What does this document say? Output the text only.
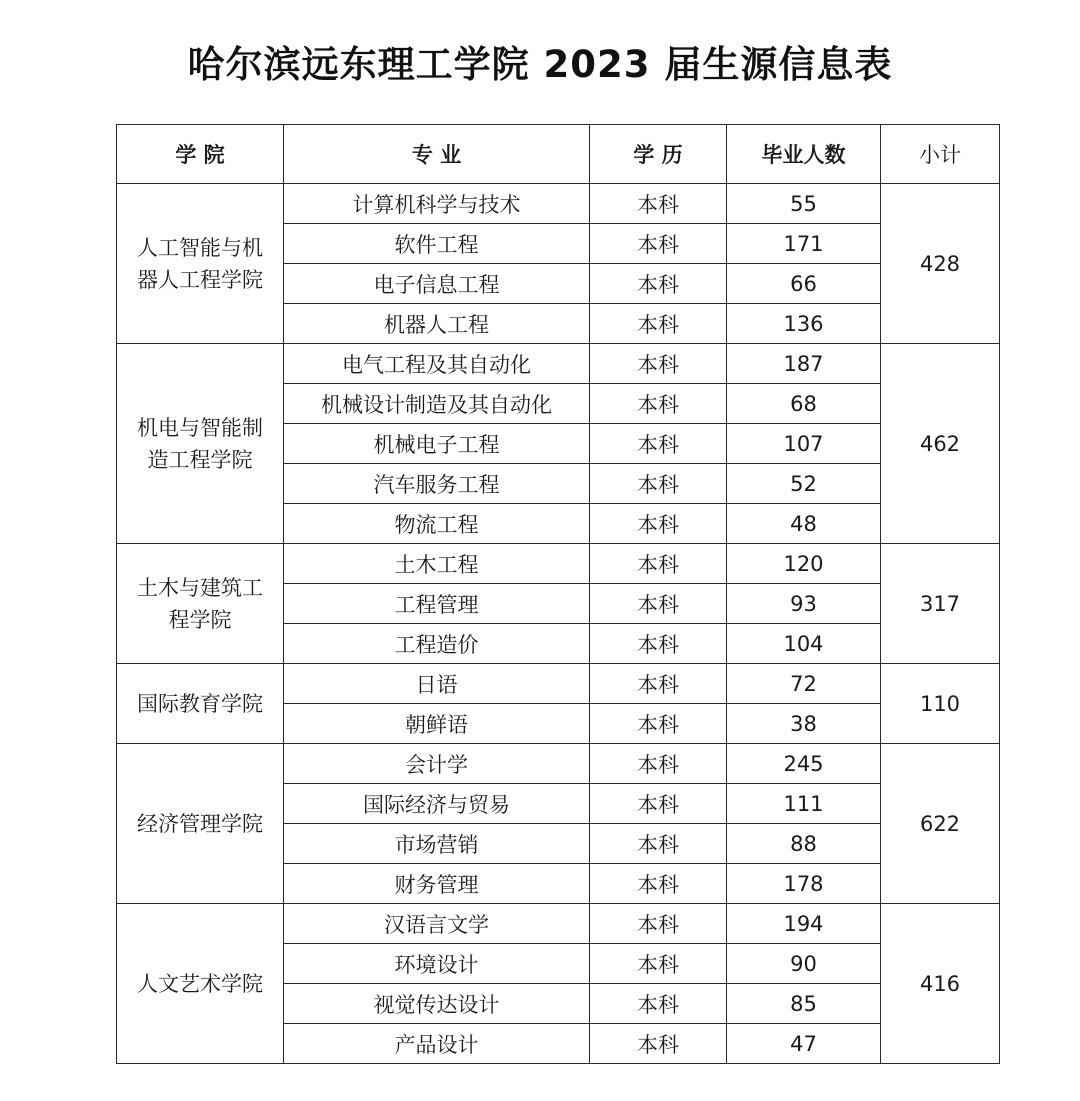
哈尔滨远东理工学院 2023 届生源信息表
学 院	专 业	学 历	毕业人数	小计
人工智能与机
器人工程学院	计算机科学与技术	本科	55	428
	软件工程	本科	171	
	电子信息工程	本科	66	
	机器人工程	本科	136	
机电与智能制
造工程学院	电气工程及其自动化	本科	187	462
	机械设计制造及其自动化	本科	68	
	机械电子工程	本科	107	
	汽车服务工程	本科	52	
	物流工程	本科	48	
土木与建筑工
程学院	土木工程	本科	120	317
	工程管理	本科	93	
	工程造价	本科	104	
国际教育学院	日语	本科	72	110
	朝鲜语	本科	38	
经济管理学院	会计学	本科	245	622
	国际经济与贸易	本科	111	
	市场营销	本科	88	
	财务管理	本科	178	
人文艺术学院	汉语言文学	本科	194	416
	环境设计	本科	90	
	视觉传达设计	本科	85	
	产品设计	本科	47	
